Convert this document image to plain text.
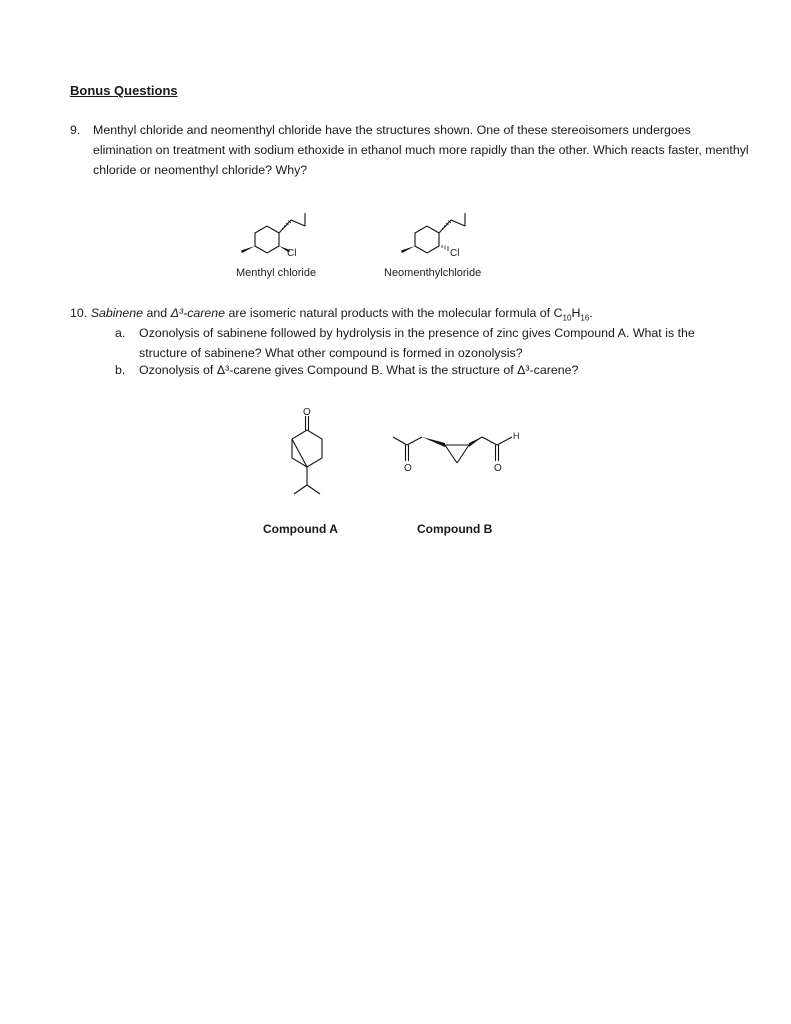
Bonus Questions
9. Menthyl chloride and neomenthyl chloride have the structures shown. One of these stereoisomers undergoes elimination on treatment with sodium ethoxide in ethanol much more rapidly than the other. Which reacts faster, menthyl chloride or neomenthyl chloride? Why?
Cl
Menthyl chloride
Cl
Neomenthylchloride
10. Sabinene and Δ³-carene are isomeric natural products with the molecular formula of $C_{10}H_{16}$.
a. Ozonolysis of sabinene followed by hydrolysis in the presence of zinc gives Compound A. What is the structure of sabinene? What other compound is formed in ozonolysis?
b. Ozonolysis of Δ³-carene gives Compound B. What is the structure of Δ³-carene?
O
O	O
H
Compound A	Compound B
